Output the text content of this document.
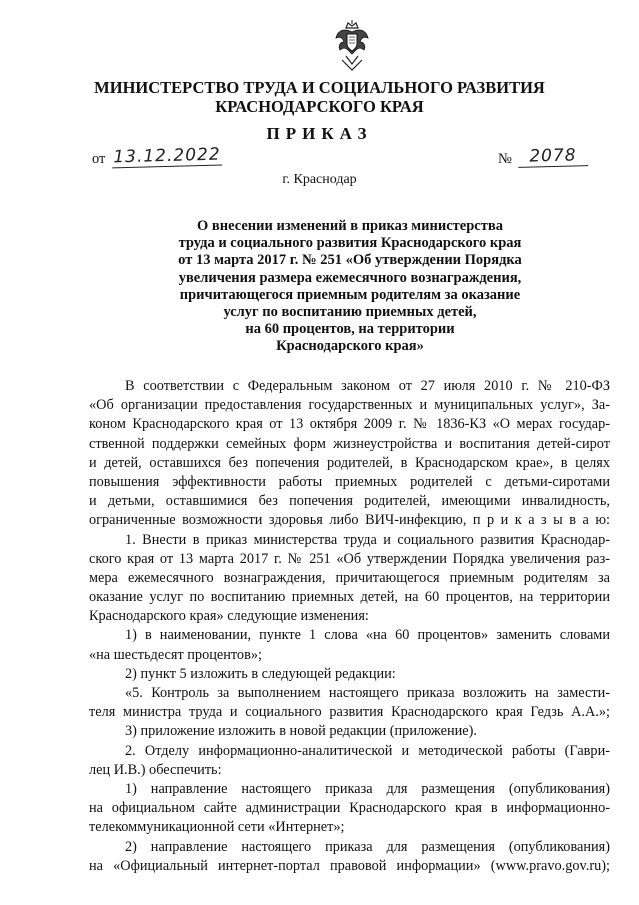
МИНИСТЕРСТВО ТРУДА И СОЦИАЛЬНОГО РАЗВИТИЯ
КРАСНОДАРСКОГО КРАЯ
ПРИКАЗ
от 13.12.2022	№	2078
г. Краснодар
О внесении изменений в приказ министерства
труда и социального развития Краснодарского края
от 13 марта 2017 г. № 251 «Об утверждении Порядка
увеличения размера ежемесячного вознаграждения,
причитающегося приемным родителям за оказание
услуг по воспитанию приемных детей,
на 60 процентов, на территории
Краснодарского края»
В соответствии с Федеральным законом от 27 июля 2010 г. № 210-ФЗ
«Об организации предоставления государственных и муниципальных услуг», За-
коном Краснодарского края от 13 октября 2009 г. № 1836-КЗ «О мерах государ-
ственной поддержки семейных форм жизнеустройства и воспитания детей-сирот
и детей, оставшихся без попечения родителей, в Краснодарском крае», в целях
повышения эффективности работы приемных родителей с детьми-сиротами
и детьми, оставшимися без попечения родителей, имеющими инвалидность,
ограниченные возможности здоровья либо ВИЧ-инфекцию, п р и к а з ы в а ю:
1. Внести в приказ министерства труда и социального развития Краснодар-
ского края от 13 марта 2017 г. № 251 «Об утверждении Порядка увеличения раз-
мера ежемесячного вознаграждения, причитающегося приемным родителям за
оказание услуг по воспитанию приемных детей, на 60 процентов, на территории
Краснодарского края» следующие изменения:
1) в наименовании, пункте 1 слова «на 60 процентов» заменить словами
«на шестьдесят процентов»;
2) пункт 5 изложить в следующей редакции:
«5. Контроль за выполнением настоящего приказа возложить на замести-
теля министра труда и социального развития Краснодарского края Гедзь А.А.»;
3) приложение изложить в новой редакции (приложение).
2. Отделу информационно-аналитической и методической работы (Гаври-
лец И.В.) обеспечить:
1) направление настоящего приказа для размещения (опубликования)
на официальном сайте администрации Краснодарского края в информационно-
телекоммуникационной сети «Интернет»;
2) направление настоящего приказа для размещения (опубликования)
на «Официальный интернет-портал правовой информации» (www.pravo.gov.ru);
